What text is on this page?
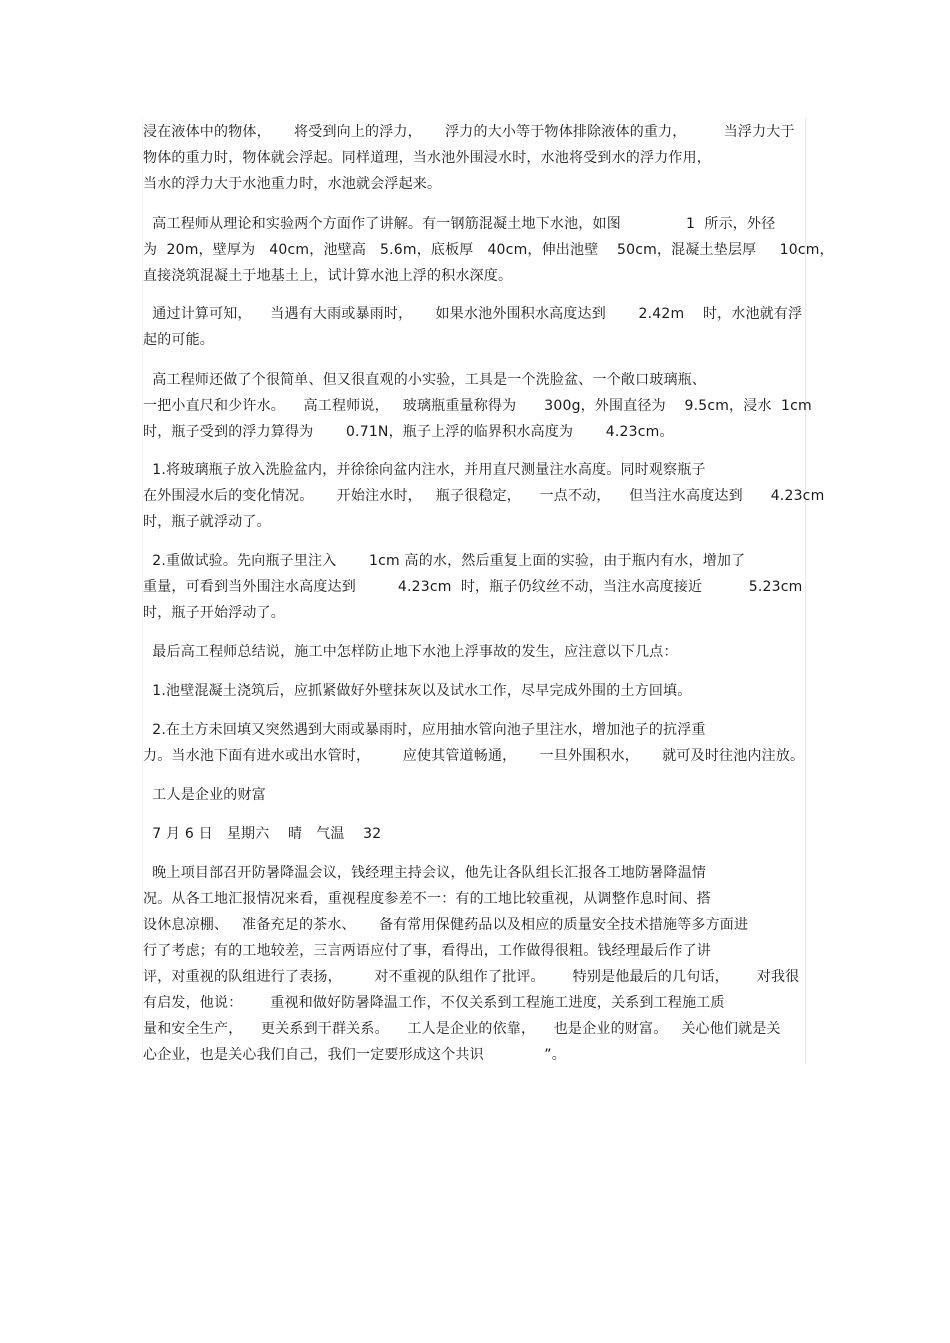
浸在液体中的物体，     将受到向上的浮力，     浮力的大小等于物体排除液体的重力，        当浮力大于
物体的重力时，物体就会浮起。同样道理，当水池外围浸水时，水池将受到水的浮力作用，
当水的浮力大于水池重力时，水池就会浮起来。
高工程师从理论和实验两个方面作了讲解。有一钢筋混凝土地下水池，如图              1  所示，外径
为  20m，壁厚为   40cm，池壁高   5.6m，底板厚   40cm，伸出池壁    50cm，混凝土垫层厚     10cm，
直接浇筑混凝土于地基土上，试计算水池上浮的积水深度。
通过计算可知，    当遇有大雨或暴雨时，     如果水池外围积水高度达到       2.42m    时，水池就有浮
起的可能。
高工程师还做了个很简单、但又很直观的小实验，工具是一个洗脸盆、一个敞口玻璃瓶、
一把小直尺和少许水。    高工程师说，   玻璃瓶重量称得为      300g，外围直径为    9.5cm，浸水  1cm
时，瓶子受到的浮力算得为       0.71N，瓶子上浮的临界积水高度为       4.23cm。
1.将玻璃瓶子放入洗脸盆内，并徐徐向盆内注水，并用直尺测量注水高度。同时观察瓶子
在外围浸水后的变化情况。     开始注水时，   瓶子很稳定，    一点不动，    但当注水高度达到      4.23cm
时，瓶子就浮动了。
2.重做试验。先向瓶子里注入       1cm 高的水，然后重复上面的实验，由于瓶内有水，增加了
重量，可看到当外围注水高度达到         4.23cm  时，瓶子仍纹丝不动，当注水高度接近          5.23cm
时，瓶子开始浮动了。
最后高工程师总结说，施工中怎样防止地下水池上浮事故的发生，应注意以下几点：
1.池壁混凝土浇筑后，应抓紧做好外壁抹灰以及试水工作，尽早完成外围的土方回填。
2.在土方未回填又突然遇到大雨或暴雨时，应用抽水管向池子里注水，增加池子的抗浮重
力。当水池下面有进水或出水管时，       应使其管道畅通，     一旦外围积水，     就可及时往池内注放。
工人是企业的财富
7 月 6 日   星期六    晴   气温    32
晚上项目部召开防暑降温会议，钱经理主持会议，他先让各队组长汇报各工地防暑降温情
况。从各工地汇报情况来看，重视程度参差不一：有的工地比较重视，从调整作息时间、搭
设休息凉棚、   准备充足的茶水、     备有常用保健药品以及相应的质量安全技术措施等多方面进
行了考虑；有的工地较差，三言两语应付了事，看得出，工作做得很粗。钱经理最后作了讲
评，对重视的队组进行了表扬，       对不重视的队组作了批评。      特别是他最后的几句话，      对我很
有启发，他说：      重视和做好防暑降温工作，不仅关系到工程施工进度，关系到工程施工质
量和安全生产，    更关系到干群关系。    工人是企业的依靠，    也是企业的财富。   关心他们就是关
心企业，也是关心我们自己，我们一定要形成这个共识             ”。
